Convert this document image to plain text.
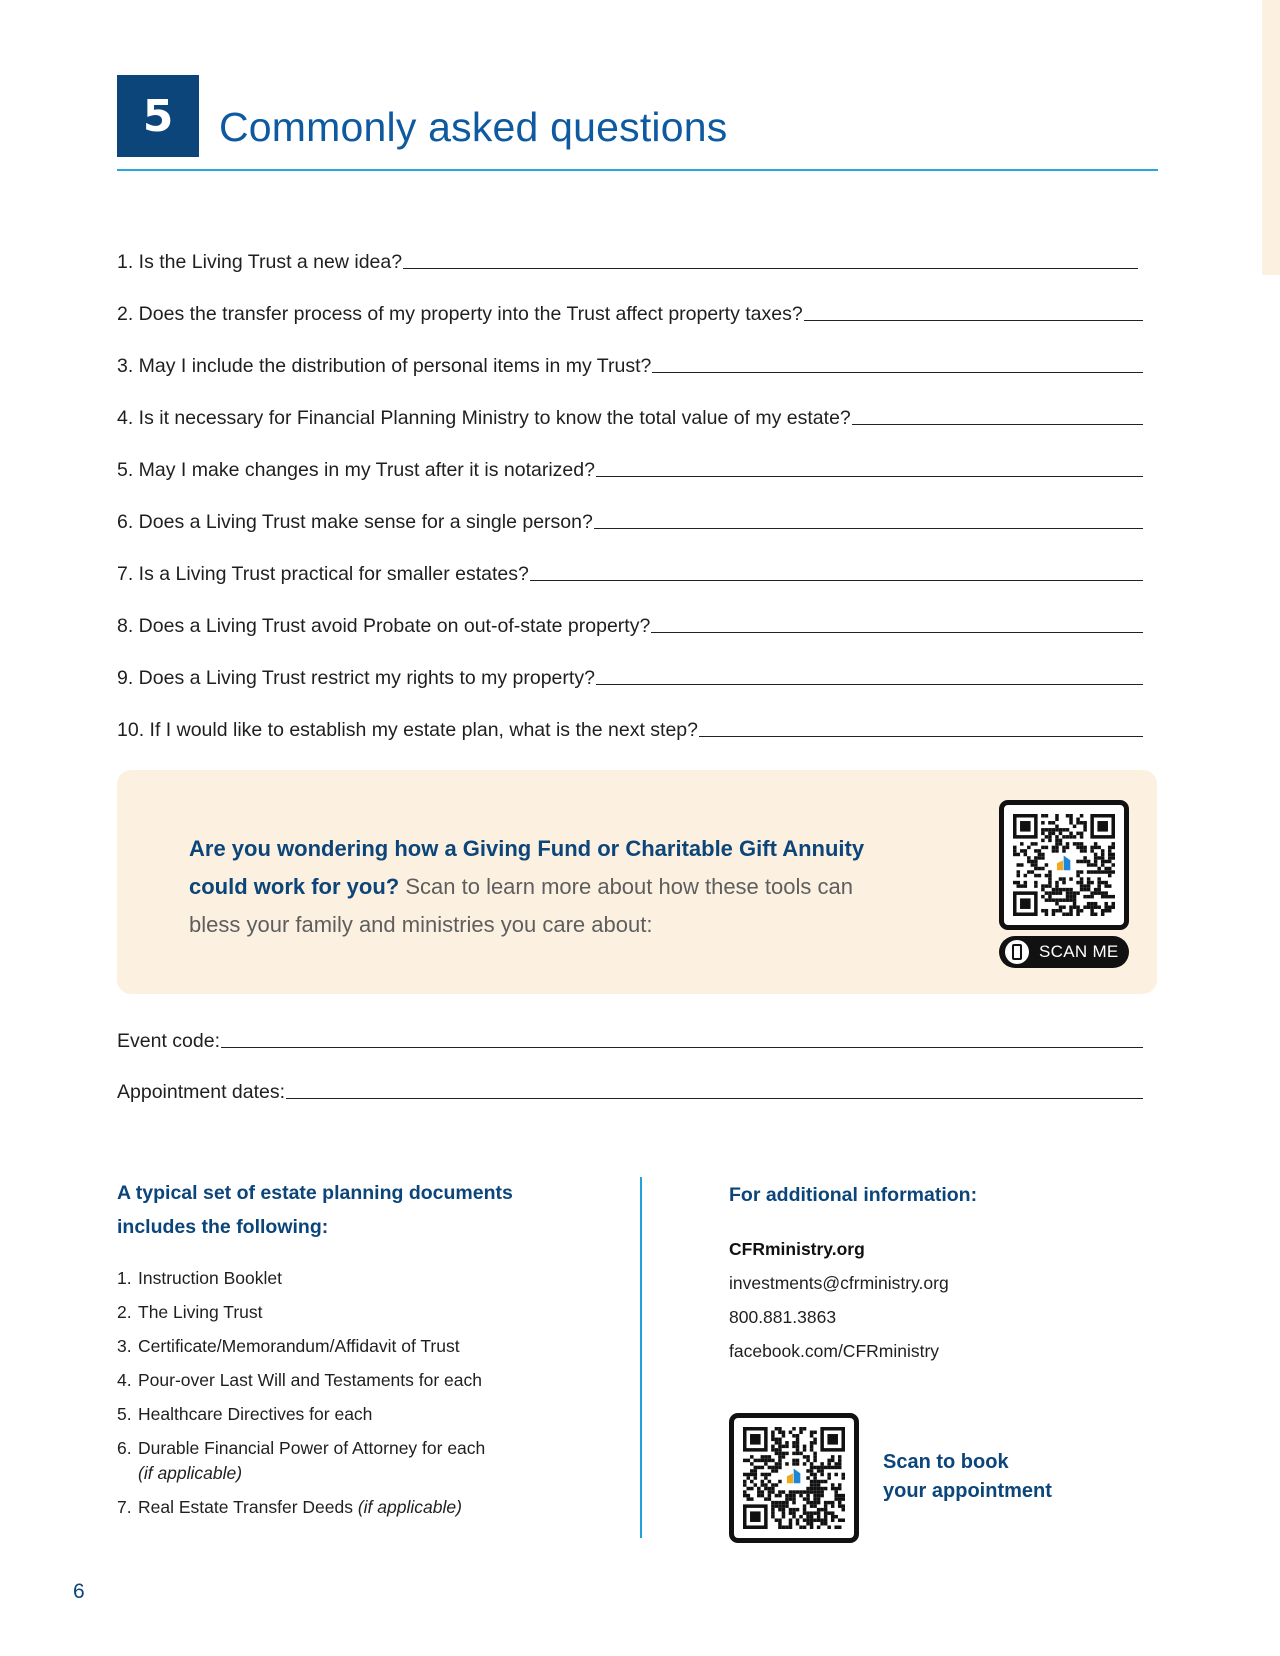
5	Commonly asked questions
1. Is the Living Trust a new idea?
2. Does the transfer process of my property into the Trust affect property taxes?
3. May I include the distribution of personal items in my Trust?
4. Is it necessary for Financial Planning Ministry to know the total value of my estate?
5. May I make changes in my Trust after it is notarized?
6. Does a Living Trust make sense for a single person?
7. Is a Living Trust practical for smaller estates?
8. Does a Living Trust avoid Probate on out-of-state property?
9. Does a Living Trust restrict my rights to my property?
10. If I would like to establish my estate plan, what is the next step?

Are you wondering how a Giving Fund or Charitable Gift Annuity could work for you? Scan to learn more about how these tools can bless your family and ministries you care about:

SCAN ME
Event code:
Appointment dates:
A typical set of estate planning documents includes the following:
1. Instruction Booklet
2. The Living Trust
3. Certificate/Memorandum/Affidavit of Trust
4. Pour-over Last Will and Testaments for each
5. Healthcare Directives for each
6. Durable Financial Power of Attorney for each
(if applicable)
7. Real Estate Transfer Deeds (if applicable)
For additional information:
CFRministry.org
investments@cfrministry.org
800.881.3863
facebook.com/CFRministry
Scan to book
your appointment
6
